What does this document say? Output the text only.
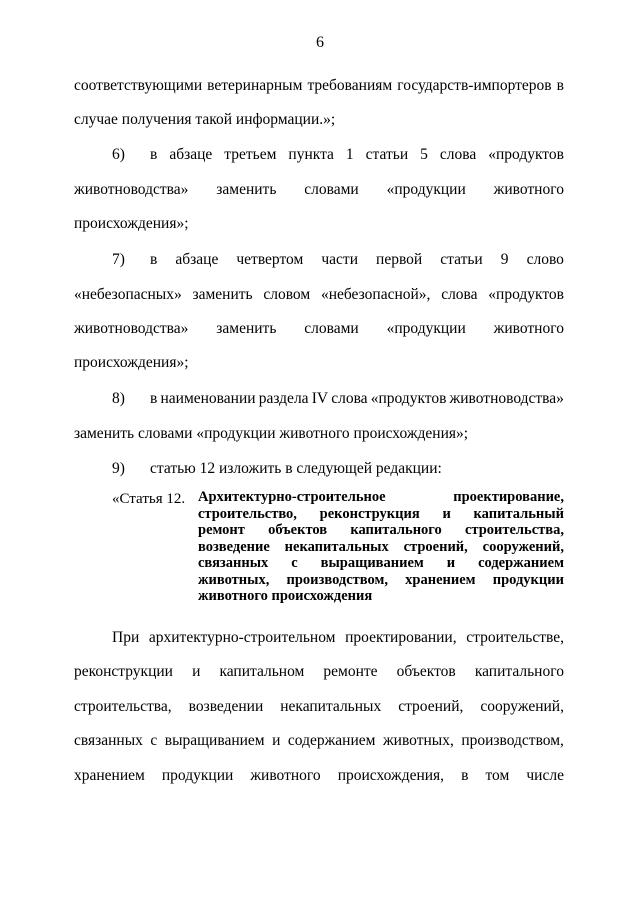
6
соответствующими ветеринарным требованиям государств-импортеров в
случае получения такой информации.»;
6) в абзаце третьем пункта 1 статьи 5 слова «продуктов
животноводства» заменить словами «продукции животного
происхождения»;
7) в абзаце четвертом части первой статьи 9 слово
«небезопасных» заменить словом «небезопасной», слова «продуктов
животноводства» заменить словами «продукции животного
происхождения»;
8) в наименовании раздела IV слова «продуктов животноводства»
заменить словами «продукции животного происхождения»;
9) статью 12 изложить в следующей редакции:
«Статья 12. Архитектурно-строительное	проектирование,
строительство, реконструкция и капитальный
ремонт объектов капитального строительства,
возведение некапитальных строений, сооружений,
связанных с выращиванием и содержанием
животных, производством, хранением продукции
животного происхождения
При архитектурно-строительном проектировании, строительстве,
реконструкции и капитальном ремонте объектов капитального
строительства, возведении некапитальных строений, сооружений,
связанных с выращиванием и содержанием животных, производством,
хранением продукции животного происхождения, в том числе
